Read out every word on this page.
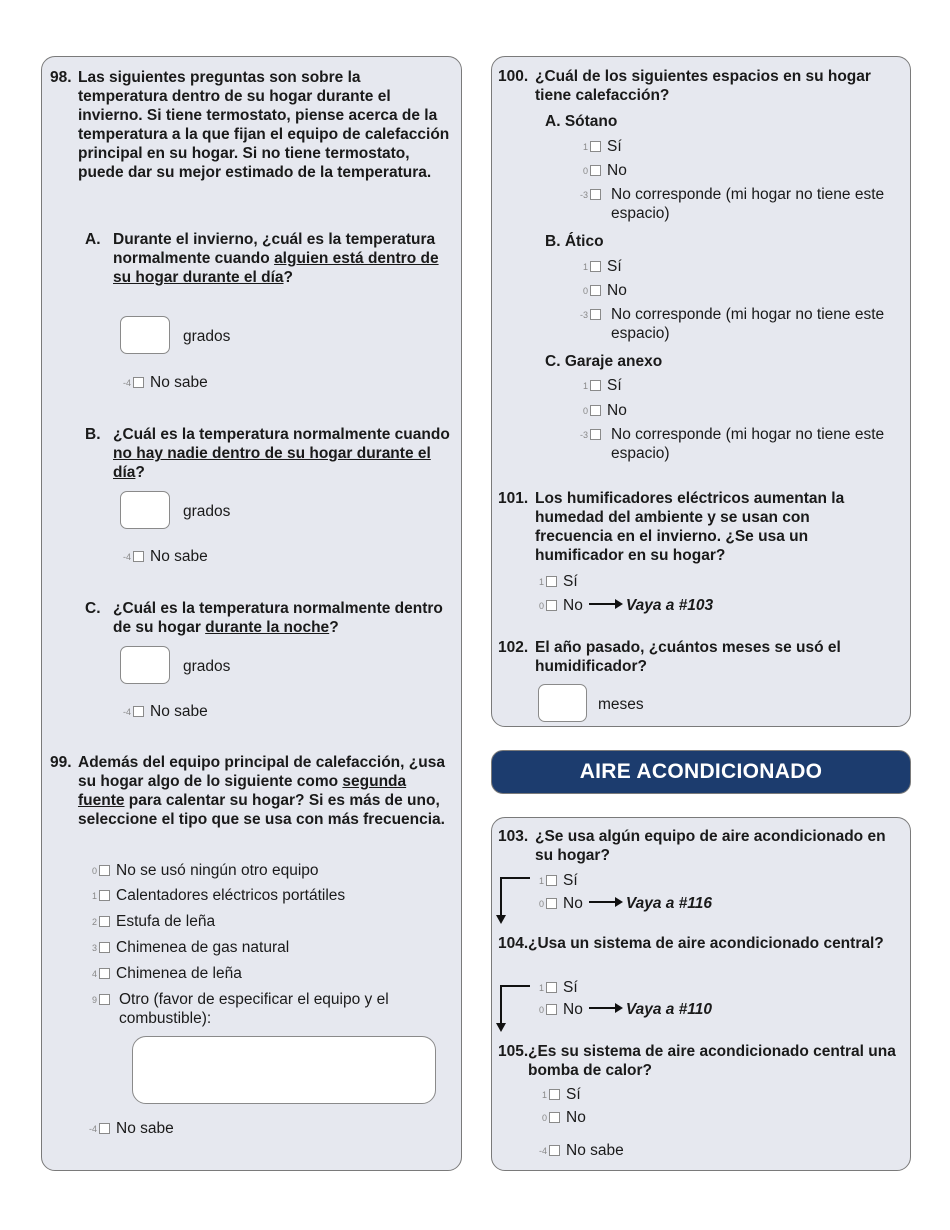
98. Las siguientes preguntas son sobre la temperatura dentro de su hogar durante el invierno. Si tiene termostato, piense acerca de la temperatura a la que fijan el equipo de calefacción principal en su hogar. Si no tiene termostato, puede dar su mejor estimado de la temperatura.
A. Durante el invierno, ¿cuál es la temperatura normalmente cuando alguien está dentro de su hogar durante el día?
grados
-4 No sabe
B. ¿Cuál es la temperatura normalmente cuando no hay nadie dentro de su hogar durante el día?
grados
-4 No sabe
C. ¿Cuál es la temperatura normalmente dentro de su hogar durante la noche?
grados
-4 No sabe
99. Además del equipo principal de calefacción, ¿usa su hogar algo de lo siguiente como segunda fuente para calentar su hogar? Si es más de uno, seleccione el tipo que se usa con más frecuencia.
0 No se usó ningún otro equipo
1 Calentadores eléctricos portátiles
2 Estufa de leña
3 Chimenea de gas natural
4 Chimenea de leña
9	Otro (favor de especificar el equipo y el combustible):
-4 No sabe
100. ¿Cuál de los siguientes espacios en su hogar tiene calefacción?
A. Sótano
1 Sí
0 No
-3	No corresponde (mi hogar no tiene este espacio)
B. Ático
1 Sí
0 No
-3	No corresponde (mi hogar no tiene este espacio)
C. Garaje anexo
1 Sí
0 No
-3	No corresponde (mi hogar no tiene este espacio)
101. Los humificadores eléctricos aumentan la humedad del ambiente y se usan con frecuencia en el invierno. ¿Se usa un humificador en su hogar?
1 Sí
0 No	Vaya a #103
102. El año pasado, ¿cuántos meses se usó el humidificador?
meses
AIRE ACONDICIONADO
103. ¿Se usa algún equipo de aire acondicionado en su hogar?
1 Sí
0 No	Vaya a #116
104. ¿Usa un sistema de aire acondicionado central?
1 Sí
0 No	Vaya a #110
105. ¿Es su sistema de aire acondicionado central una bomba de calor?
1 Sí
0 No
-4 No sabe
